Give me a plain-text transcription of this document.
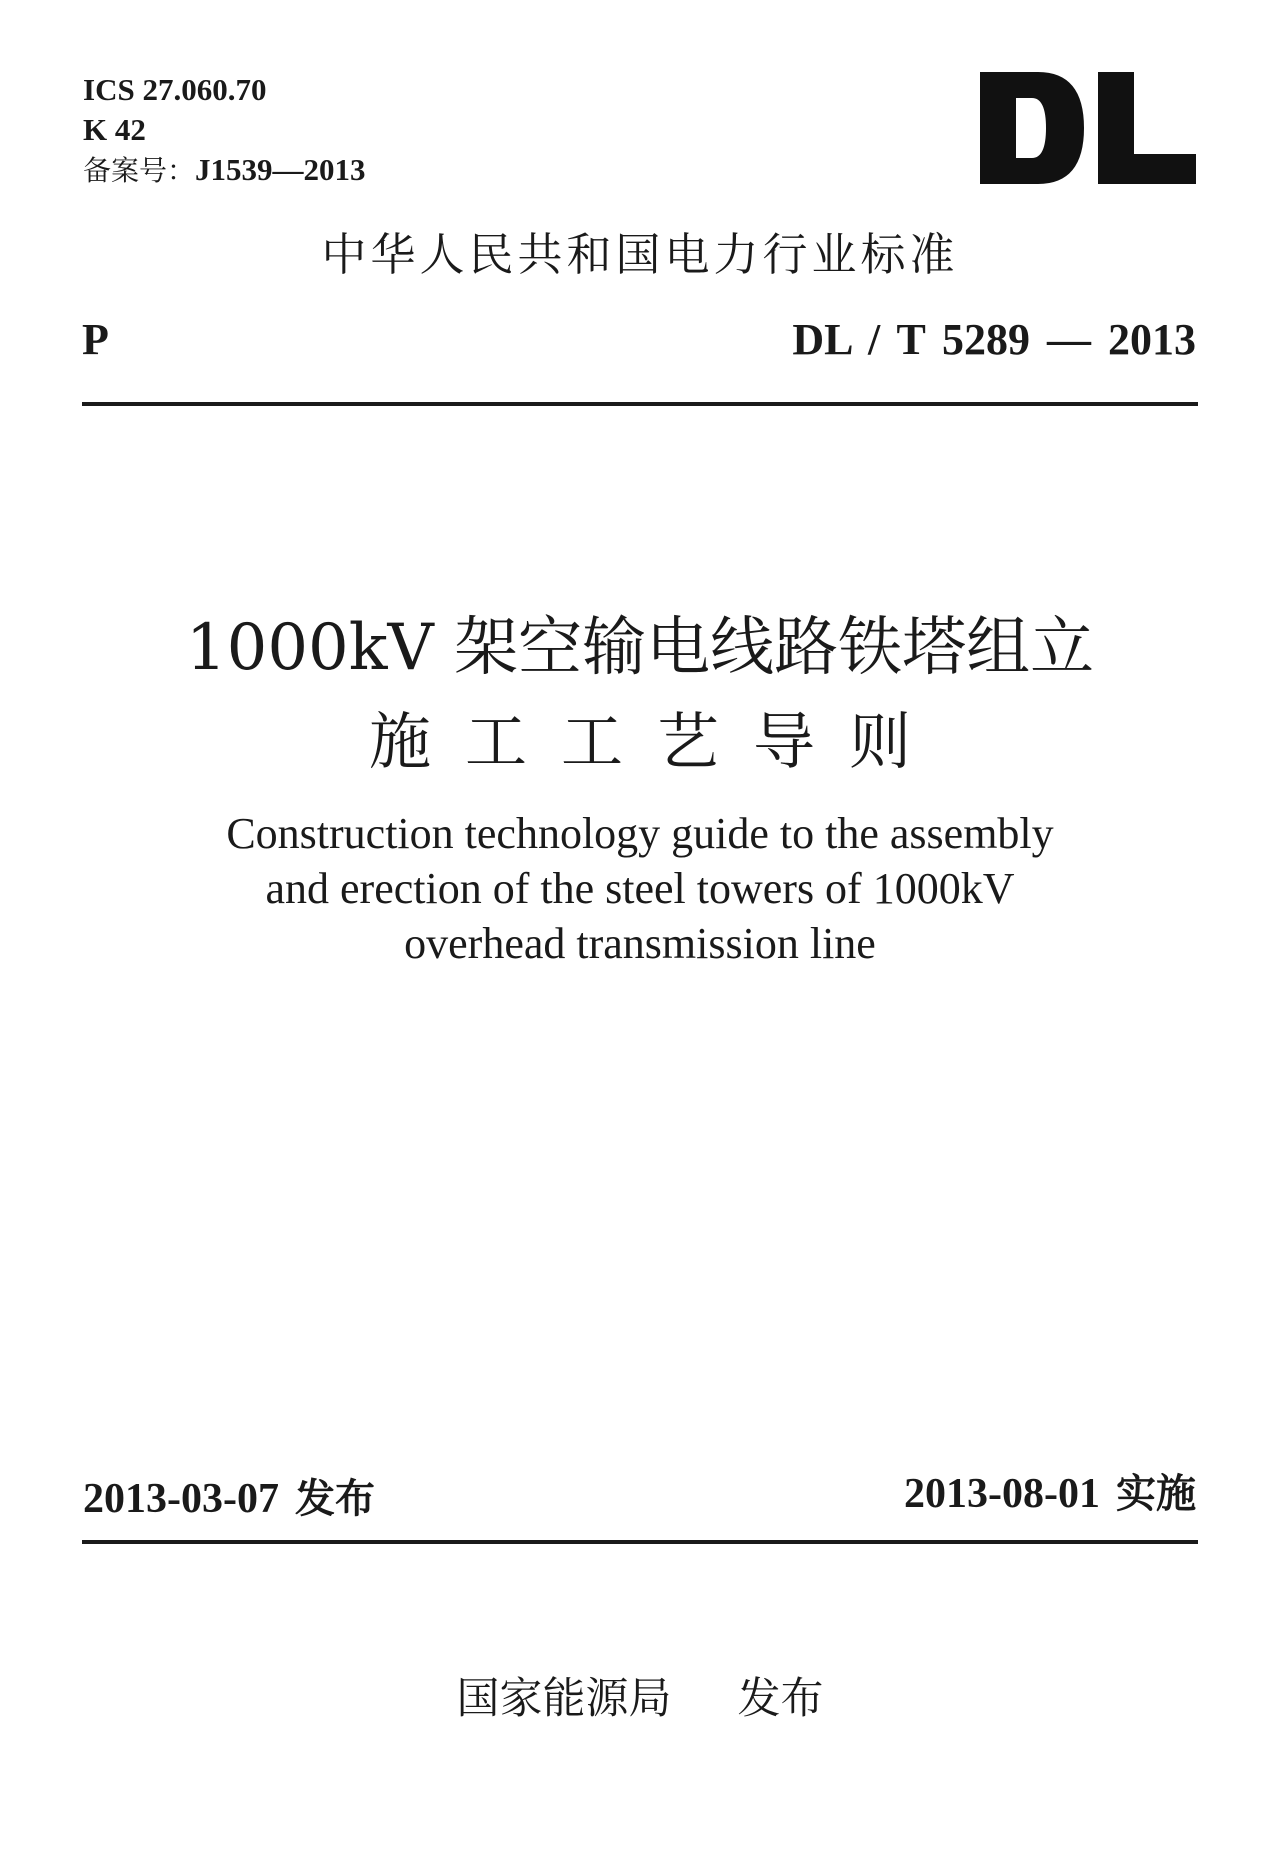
ICS 27.060.70
K 42
备案号：J1539—2013
中华人民共和国电力行业标准
P	DL / T 5289 — 2013
1000kV 架空输电线路铁塔组立
施工工艺导则
Construction technology guide to the assembly
and erection of the steel towers of 1000kV
overhead transmission line
2013-03-07 发布	2013-08-01 实施
国家能源局 发布
